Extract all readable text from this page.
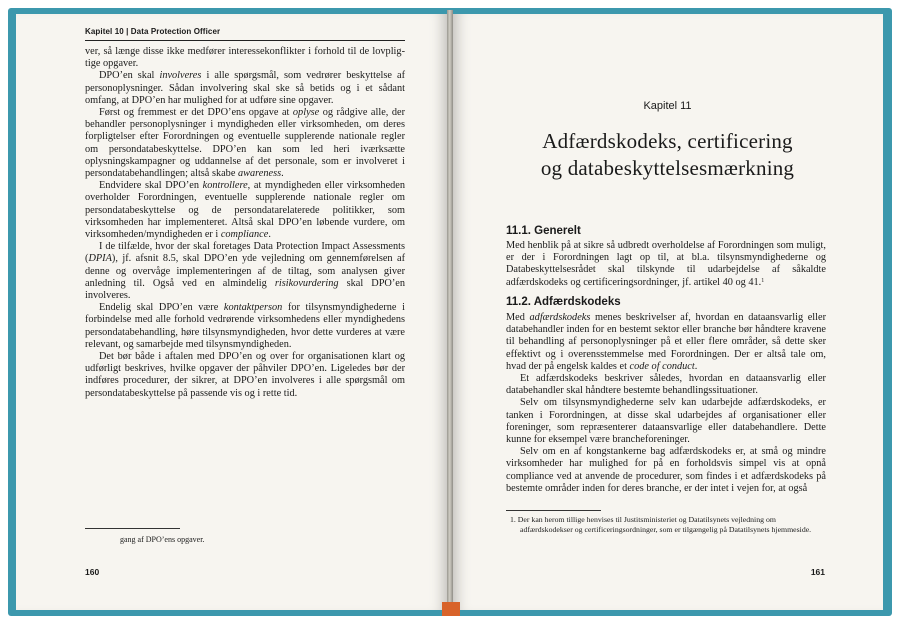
Kapitel 10 | Data Protection Officer

ver, så længe disse ikke medfører interessekonflikter i forhold til de lovplig-tige opgaver.

DPO’en skal involveres i alle spørgsmål, som vedrører beskyttelse af personoplysninger. Sådan involvering skal ske så betids og i et sådant omfang, at DPO’en har mulighed for at udføre sine opgaver.

Først og fremmest er det DPO’ens opgave at oplyse og rådgive alle, der behandler personoplysninger i myndigheden eller virksomheden, om deres forpligtelser efter Forordningen og eventuelle supplerende nationale regler om persondatabeskyttelse. DPO’en kan som led heri iværksætte oplysningskampagner og uddannelse af det personale, som er involveret i persondatabehandlingen; altså skabe awareness.

Endvidere skal DPO’en kontrollere, at myndigheden eller virksomheden overholder Forordningen, eventuelle supplerende nationale regler om persondatabeskyttelse og de persondatarelaterede politikker, som virksomheden har implementeret. Altså skal DPO’en løbende vurdere, om virksomheden/myndigheden er i compliance.

I de tilfælde, hvor der skal foretages Data Protection Impact Assessments (DPIA), jf. afsnit 8.5, skal DPO’en yde vejledning om gennemførelsen af denne og overvåge implementeringen af de tiltag, som analysen giver anledning til. Også ved en almindelig risikovurdering skal DPO’en involveres.

Endelig skal DPO’en være kontaktperson for tilsynsmyndighederne i forbindelse med alle forhold vedrørende virksomhedens eller myndighedens persondatabehandling, høre tilsynsmyndigheden, hvor dette vurderes at være relevant, og samarbejde med tilsynsmyndigheden.

Det bør både i aftalen med DPO’en og over for organisationen klart og udførligt beskrives, hvilke opgaver der påhviler DPO’en. Ligeledes bør der indføres procedurer, der sikrer, at DPO’en involveres i alle spørgsmål om persondatabeskyttelse på passende vis og i rette tid.

gang af DPO’ens opgaver.
160
Kapitel 11
Adfærdskodeks, certificering
og databeskyttelsesmærkning
11.1. Generelt

Med henblik på at sikre så udbredt overholdelse af Forordningen som muligt, er der i Forordningen lagt op til, at bl.a. tilsynsmyndighederne og Databeskyttelsesrådet skal tilskynde til udarbejdelse af såkaldte adfærdskodeks og certificeringsordninger, jf. artikel 40 og 41.$^1$

11.2. Adfærdskodeks

Med adfærdskodeks menes beskrivelser af, hvordan en dataansvarlig eller databehandler inden for en bestemt sektor eller branche bør håndtere kravene til behandling af personoplysninger på et eller flere områder, så dette sker effektivt og i overensstemmelse med Forordningen. Der er altså tale om, hvad der på engelsk kaldes et code of conduct.

Et adfærdskodeks beskriver således, hvordan en dataansvarlig eller databehandler skal håndtere bestemte behandlingssituationer.

Selv om tilsynsmyndighederne selv kan udarbejde adfærdskodeks, er tanken i Forordningen, at disse skal udarbejdes af organisationer eller foreninger, som repræsenterer dataansvarlige eller databehandlere. Dette kunne for eksempel være brancheforeninger.

Selv om en af kongstankerne bag adfærdskodeks er, at små og mindre virksomheder har mulighed for på en forholdsvis simpel vis at opnå compliance ved at anvende de procedurer, som findes i et adfærdskodeks på bestemte områder inden for deres branche, er der intet i vejen for, at også

1. Der kan herom tillige henvises til Justitsministeriet og Datatilsynets vejledning om adfærdskodekser og certificeringsordninger, som er tilgængelig på Datatilsynets hjemmeside.
161
